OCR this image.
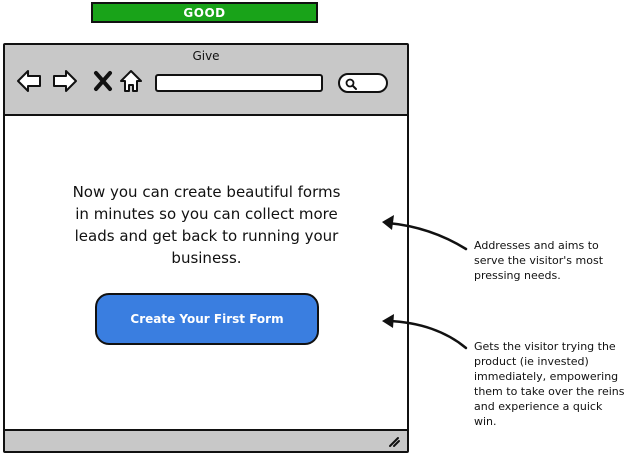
GOOD
Give
Now you can create beautiful forms in minutes so you can collect more leads and get back to running your business.
Create Your First Form
Addresses and aims to serve the visitor's most pressing needs.
Gets the visitor trying the product (ie invested) immediately, empowering them to take over the reins and experience a quick win.
